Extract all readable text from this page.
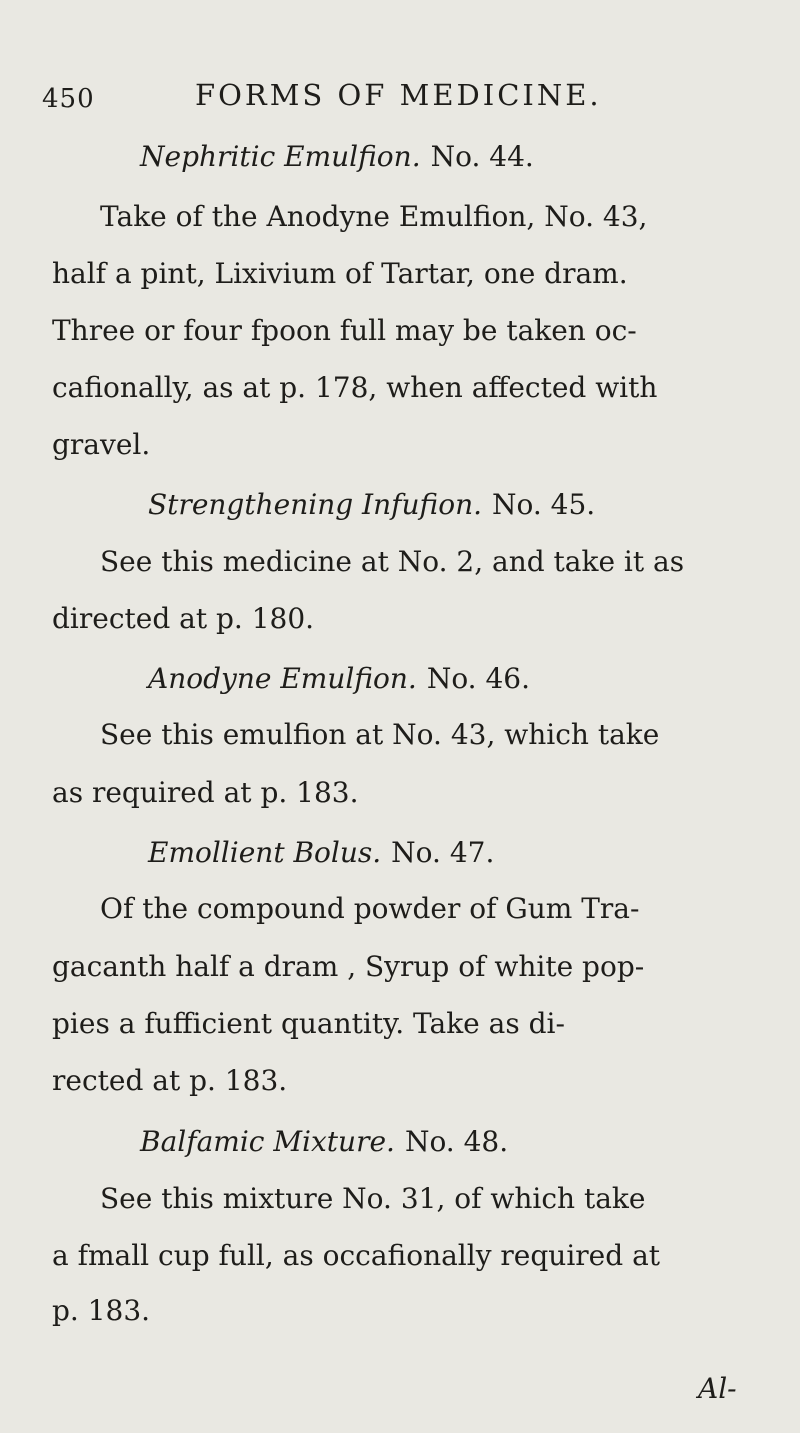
450	FORMS OF MEDICINE.
Nephritic Emulfion. No. 44.
Take of the Anodyne Emulfion, No. 43,
half a pint, Lixivium of Tartar, one dram.
Three or four fpoon full may be taken oc-
cafionally, as at p. 178, when affected with
gravel.
Strengthening Infufion. No. 45.
See this medicine at No. 2, and take it as
directed at p. 180.
Anodyne Emulfion. No. 46.
See this emulfion at No. 43, which take
as required at p. 183.
Emollient Bolus. No. 47.
Of the compound powder of Gum Tra-
gacanth half a dram , Syrup of white pop-
pies a fufficient quantity. Take as di-
rected at p. 183.
Balfamic Mixture. No. 48.
See this mixture No. 31, of which take
a fmall cup full, as occafionally required at
p. 183.
Al-
